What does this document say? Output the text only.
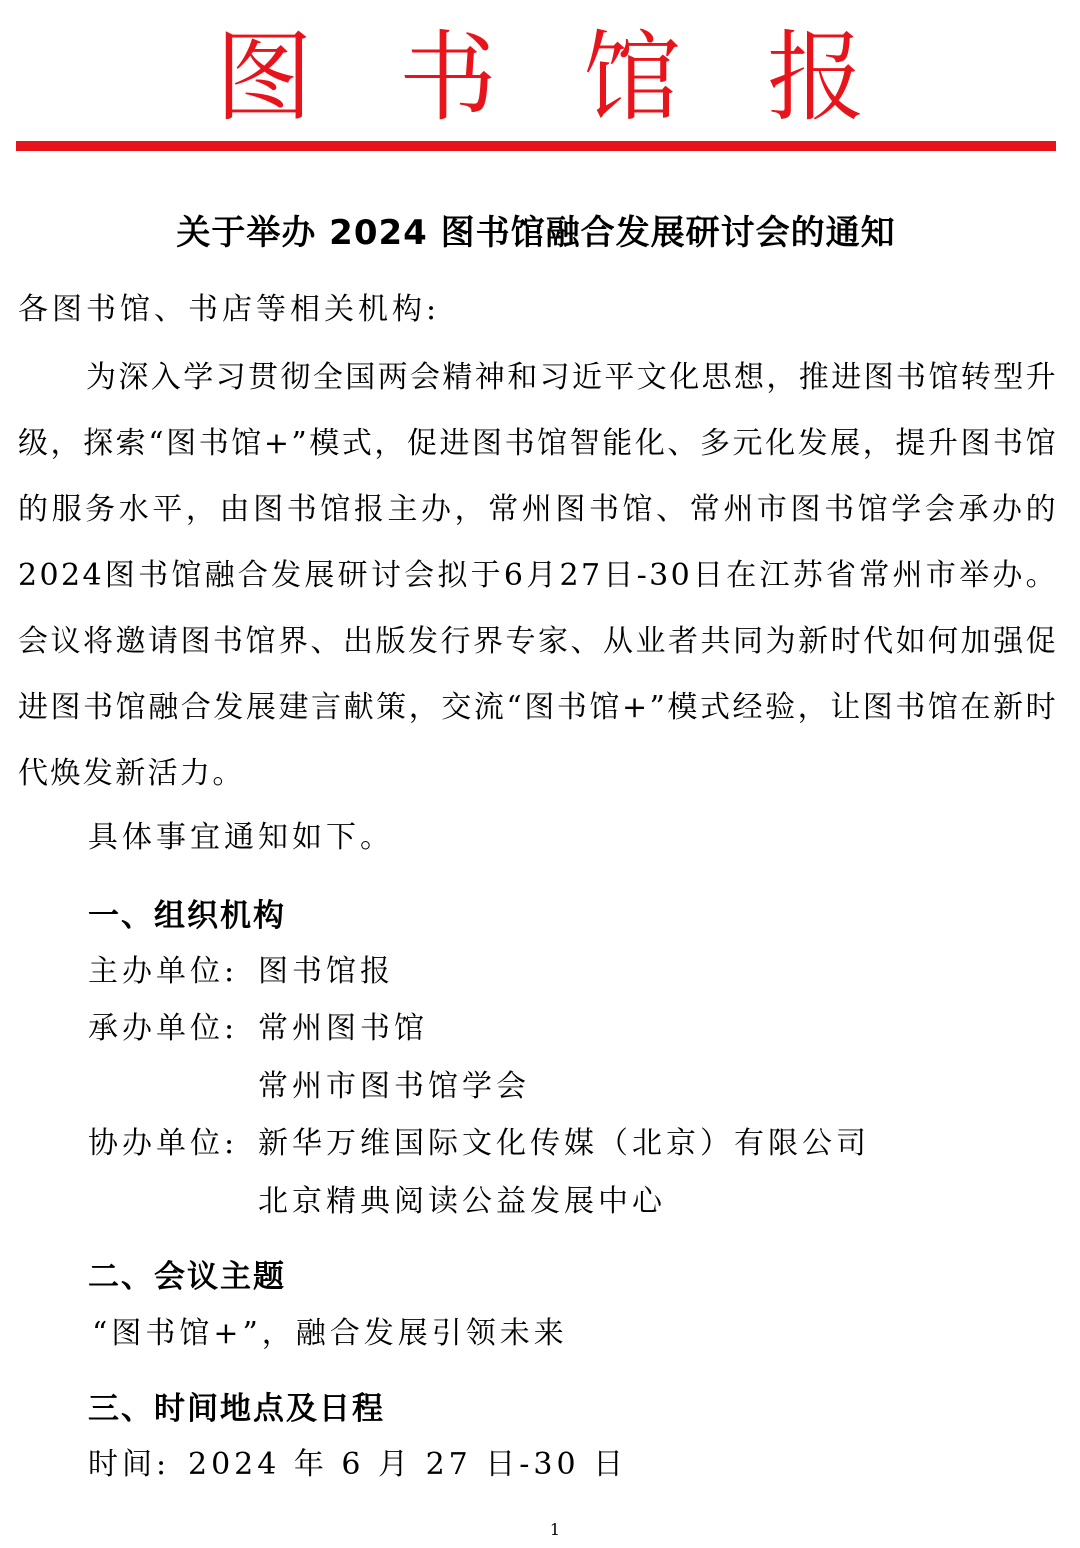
图书馆报
关于举办 2024 图书馆融合发展研讨会的通知
各图书馆、书店等相关机构:
为深入学习贯彻全国两会精神和习近平文化思想，推进图书馆转型升级，探索“图书馆+”模式，促进图书馆智能化、多元化发展，提升图书馆的服务水平，由图书馆报主办，常州图书馆、常州市图书馆学会承办的2024图书馆融合发展研讨会拟于6月27日-30日在江苏省常州市举办。会议将邀请图书馆界、出版发行界专家、从业者共同为新时代如何加强促进图书馆融合发展建言献策，交流“图书馆+”模式经验，让图书馆在新时代焕发新活力。
具体事宜通知如下。
一、组织机构
主办单位: 图书馆报
承办单位: 常州图书馆
常州市图书馆学会
协办单位: 新华万维国际文化传媒（北京）有限公司
北京精典阅读公益发展中心
二、会议主题
“图书馆+”，融合发展引领未来
三、时间地点及日程
时间: 2024 年 6 月 27 日-30 日
1
